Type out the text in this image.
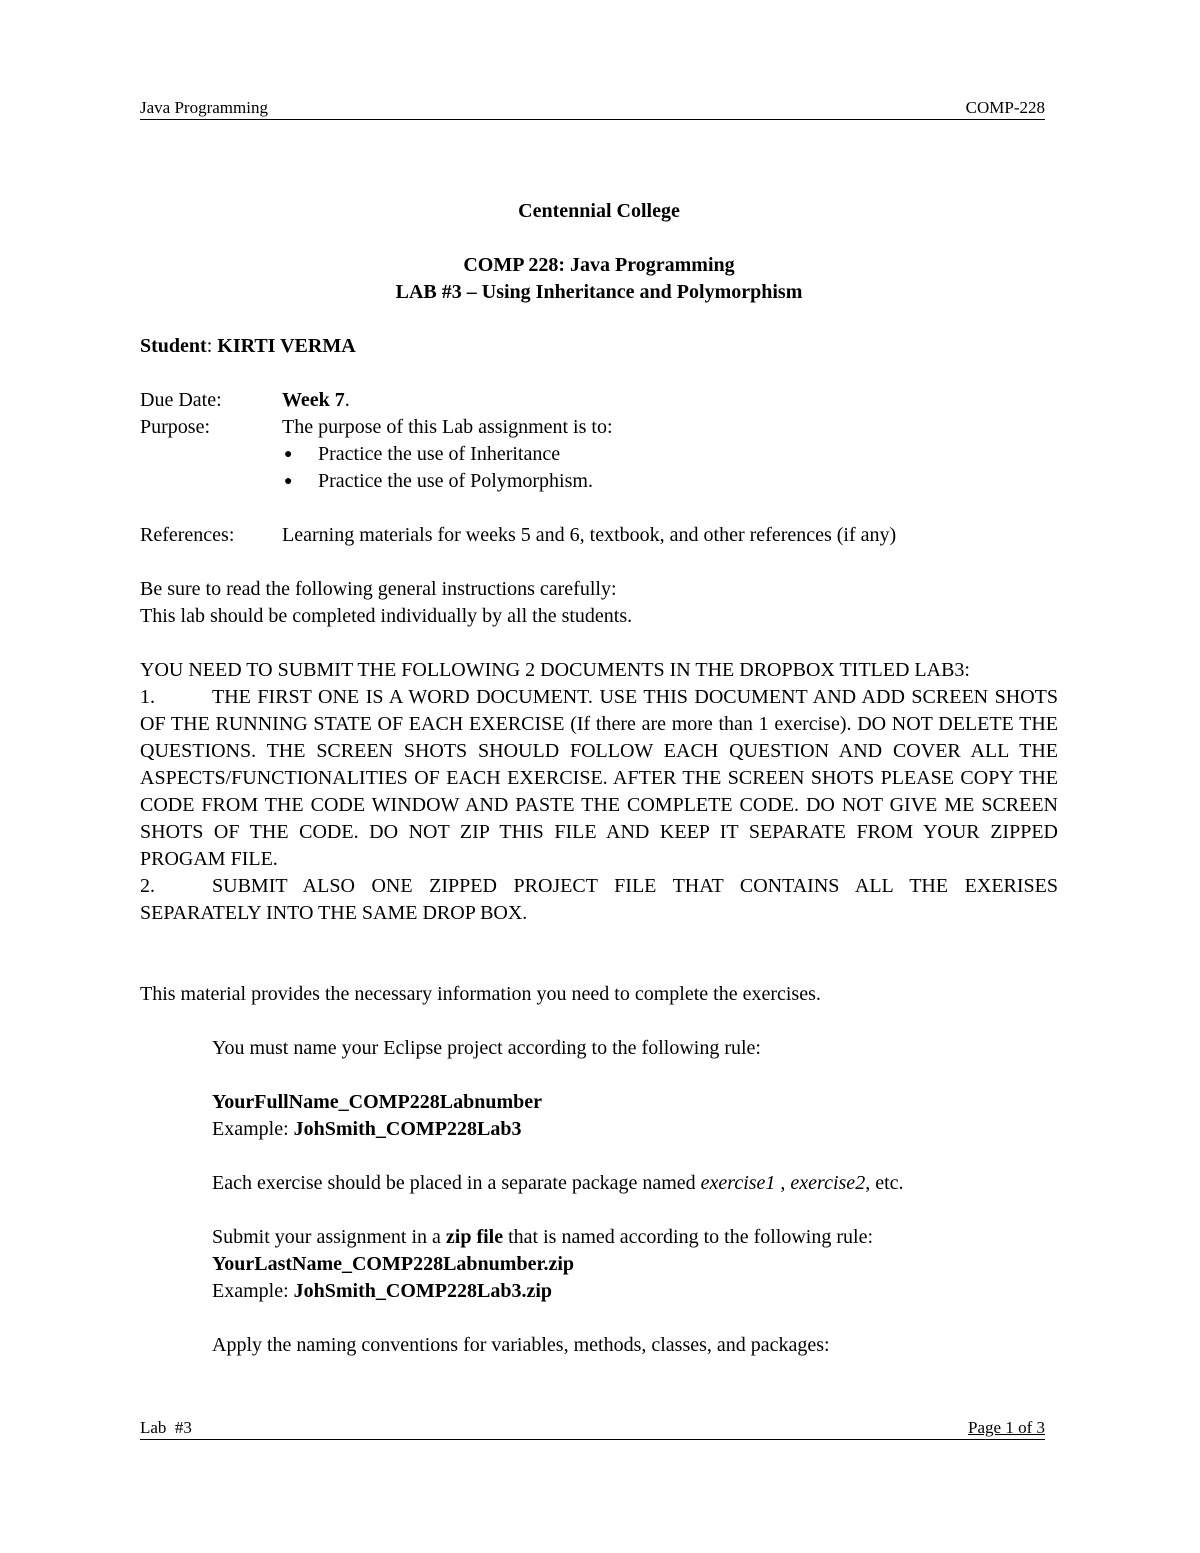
Java Programming	COMP-228
Centennial College
COMP 228: Java Programming
LAB #3 – Using Inheritance and Polymorphism
Student: KIRTI VERMA
Due Date:	Week 7.
Purpose:	The purpose of this Lab assignment is to:
● Practice the use of Inheritance
● Practice the use of Polymorphism.
References:	Learning materials for weeks 5 and 6, textbook, and other references (if any)
Be sure to read the following general instructions carefully:
This lab should be completed individually by all the students.
YOU NEED TO SUBMIT THE FOLLOWING 2 DOCUMENTS IN THE DROPBOX TITLED LAB3:
1.	THE FIRST ONE IS A WORD DOCUMENT. USE THIS DOCUMENT AND ADD SCREEN SHOTS OF THE RUNNING STATE OF EACH EXERCISE (If there are more than 1 exercise). DO NOT DELETE THE QUESTIONS. THE SCREEN SHOTS SHOULD FOLLOW EACH QUESTION AND COVER ALL THE ASPECTS/FUNCTIONALITIES OF EACH EXERCISE. AFTER THE SCREEN SHOTS PLEASE COPY THE CODE FROM THE CODE WINDOW AND PASTE THE COMPLETE CODE. DO NOT GIVE ME SCREEN SHOTS OF THE CODE. DO NOT ZIP THIS FILE AND KEEP IT SEPARATE FROM YOUR ZIPPED PROGAM FILE.
2.	SUBMIT ALSO ONE ZIPPED PROJECT FILE THAT CONTAINS ALL THE EXERISES SEPARATELY INTO THE SAME DROP BOX.
This material provides the necessary information you need to complete the exercises.
You must name your Eclipse project according to the following rule:
YourFullName_COMP228Labnumber
Example: JohSmith_COMP228Lab3
Each exercise should be placed in a separate package named exercise1 , exercise2, etc.
Submit your assignment in a zip file that is named according to the following rule:
YourLastName_COMP228Labnumber.zip
Example: JohSmith_COMP228Lab3.zip
Apply the naming conventions for variables, methods, classes, and packages:
Lab  #3	Page 1 of 3
